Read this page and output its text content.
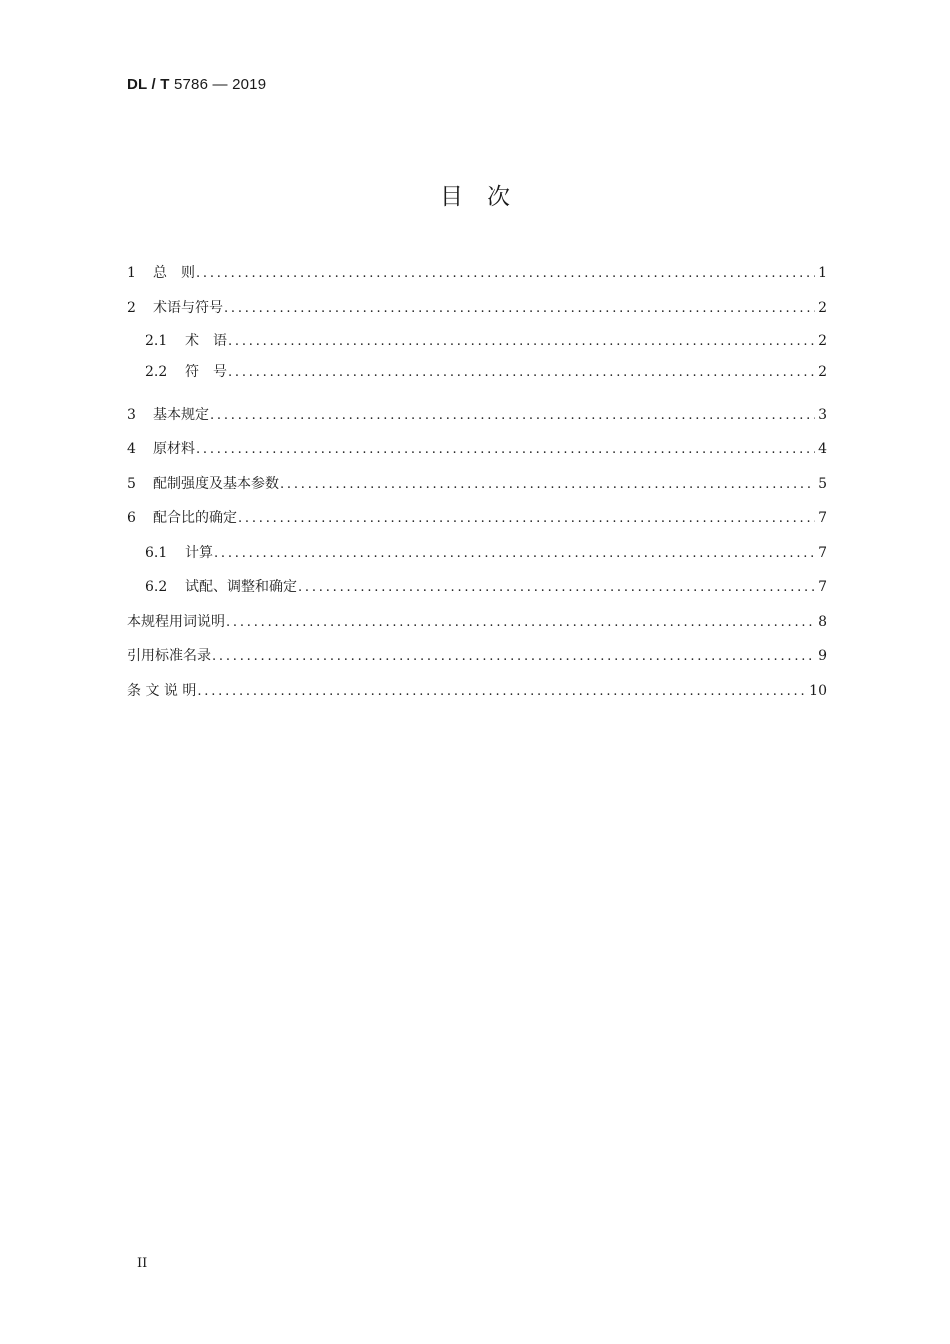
DL / T 5786 — 2019
目次
1	总　则 .....	1
2	术语与符号 .....	2
2.1	术　语 .....	2
2.2	符　号 .....	2
3	基本规定 .....	3
4	原材料 .....	4
5	配制强度及基本参数 .....	5
6	配合比的确定 .....	7
6.1	计算 .....	7
6.2	试配、调整和确定 .....	7
本规程用词说明 .....	8
引用标准名录 .....	9
条 文 说 明 .....	10
II
